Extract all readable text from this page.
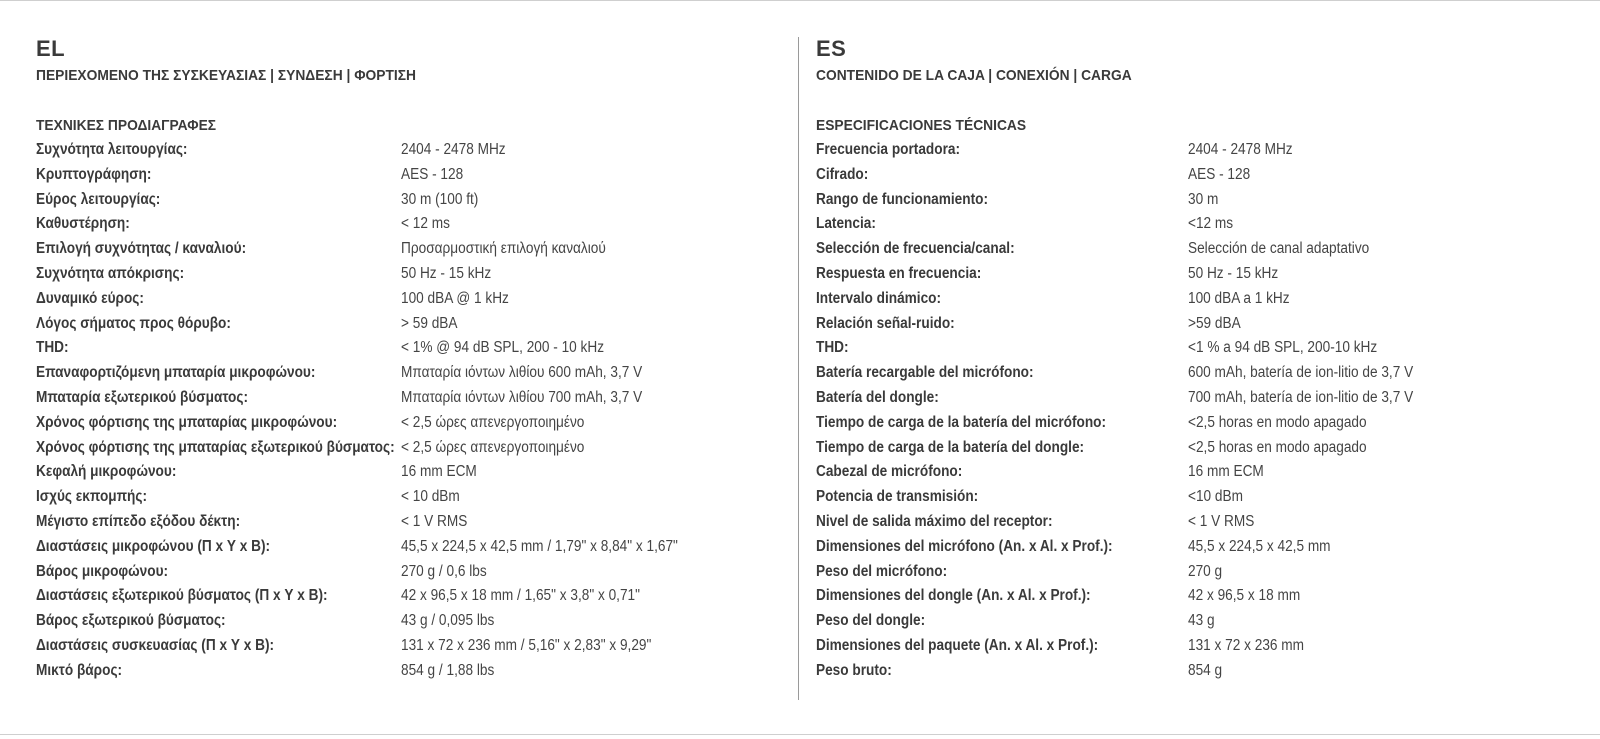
EL
ΠΕΡΙΕΧΟΜΕΝΟ ΤΗΣ ΣΥΣΚΕΥΑΣΙΑΣ | ΣΥΝΔΕΣΗ | ΦΟΡΤΙΣΗ
ΤΕΧΝΙΚΕΣ ΠΡΟΔΙΑΓΡΑΦΕΣ
Συχνότητα λειτουργίας:	2404 - 2478 MHz
Κρυπτογράφηση:	AES - 128
Εύρος λειτουργίας:	30 m (100 ft)
Καθυστέρηση:	< 12 ms
Επιλογή συχνότητας / καναλιού:	Προσαρμοστική επιλογή καναλιού
Συχνότητα απόκρισης:	50 Hz - 15 kHz
Δυναμικό εύρος:	100 dBA @ 1 kHz
Λόγος σήματος προς θόρυβο:	> 59 dBA
THD:	< 1% @ 94 dB SPL, 200 - 10 kHz
Επαναφορτιζόμενη μπαταρία μικροφώνου:	Μπαταρία ιόντων λιθίου 600 mAh, 3,7 V
Μπαταρία εξωτερικού βύσματος:	Μπαταρία ιόντων λιθίου 700 mAh, 3,7 V
Χρόνος φόρτισης της μπαταρίας μικροφώνου:	< 2,5 ώρες απενεργοποιημένο
Χρόνος φόρτισης της μπαταρίας εξωτερικού βύσματος: < 2,5 ώρες απενεργοποιημένο
Κεφαλή μικροφώνου:	16 mm ECM
Ισχύς εκπομπής:	< 10 dBm
Μέγιστο επίπεδο εξόδου δέκτη:	< 1 V RMS
Διαστάσεις μικροφώνου (Π x Υ x Β):	45,5 x 224,5 x 42,5 mm / 1,79" x 8,84" x 1,67"
Βάρος μικροφώνου:	270 g / 0,6 lbs
Διαστάσεις εξωτερικού βύσματος (Π x Υ x Β):	42 x 96,5 x 18 mm / 1,65" x 3,8" x 0,71"
Βάρος εξωτερικού βύσματος:	43 g / 0,095 lbs
Διαστάσεις συσκευασίας (Π x Υ x Β):	131 x 72 x 236 mm / 5,16" x 2,83" x 9,29"
Μικτό βάρος:	854 g / 1,88 lbs
ES
CONTENIDO DE LA CAJA | CONEXIÓN | CARGA
ESPECIFICACIONES TÉCNICAS
Frecuencia portadora:	2404 - 2478 MHz
Cifrado:	AES - 128
Rango de funcionamiento:	30 m
Latencia:	<12 ms
Selección de frecuencia/canal:	Selección de canal adaptativo
Respuesta en frecuencia:	50 Hz - 15 kHz
Intervalo dinámico:	100 dBA a 1 kHz
Relación señal-ruido:	>59 dBA
THD:	<1 % a 94 dB SPL, 200-10 kHz
Batería recargable del micrófono:	600 mAh, batería de ion-litio de 3,7 V
Batería del dongle:	700 mAh, batería de ion-litio de 3,7 V
Tiempo de carga de la batería del micrófono:	<2,5 horas en modo apagado
Tiempo de carga de la batería del dongle:	<2,5 horas en modo apagado
Cabezal de micrófono:	16 mm ECM
Potencia de transmisión:	<10 dBm
Nivel de salida máximo del receptor:	< 1 V RMS
Dimensiones del micrófono (An. x Al. x Prof.):	45,5 x 224,5 x 42,5 mm
Peso del micrófono:	270 g
Dimensiones del dongle (An. x Al. x Prof.):	42 x 96,5 x 18 mm
Peso del dongle:	43 g
Dimensiones del paquete (An. x Al. x Prof.):	131 x 72 x 236 mm
Peso bruto:	854 g
